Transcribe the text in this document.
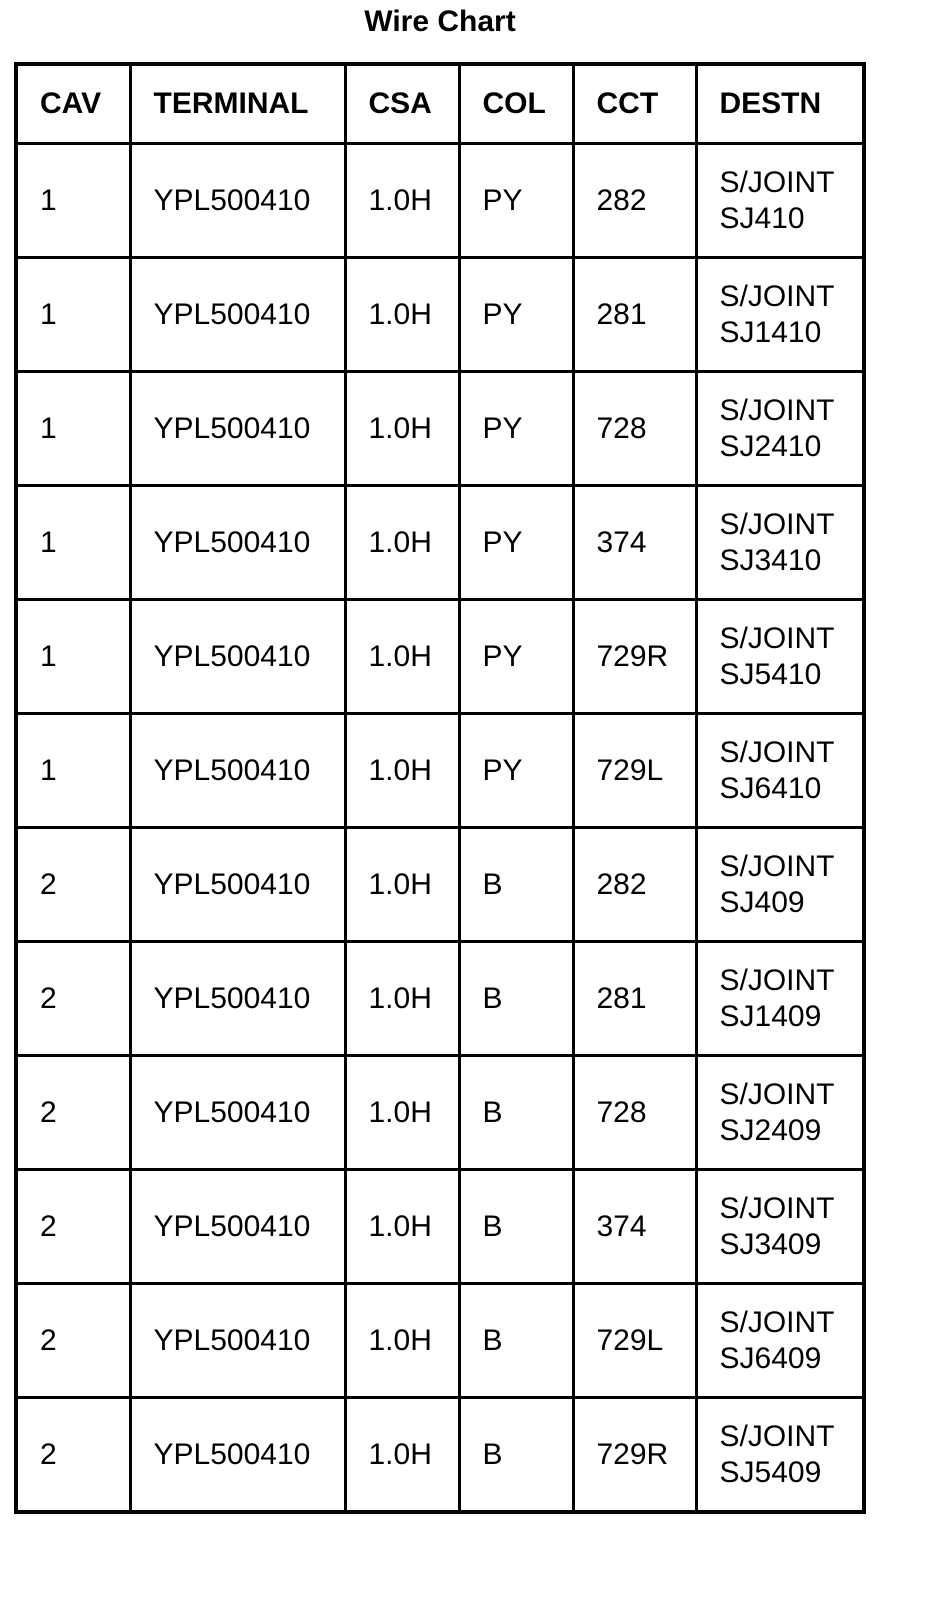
Wire Chart
CAV	TERMINAL	CSA	COL	CCT	DESTN
1	YPL500410	1.0H	PY	282	S/JOINT
SJ410

1	YPL500410	1.0H	PY	281	S/JOINT
SJ1410

1	YPL500410	1.0H	PY	728	S/JOINT
SJ2410

1	YPL500410	1.0H	PY	374	S/JOINT
SJ3410

1	YPL500410	1.0H	PY	729R	S/JOINT
SJ5410

1	YPL500410	1.0H	PY	729L	S/JOINT
SJ6410

2	YPL500410	1.0H	B	282	S/JOINT
SJ409

2	YPL500410	1.0H	B	281	S/JOINT
SJ1409

2	YPL500410	1.0H	B	728	S/JOINT
SJ2409

2	YPL500410	1.0H	B	374	S/JOINT
SJ3409

2	YPL500410	1.0H	B	729L	S/JOINT
SJ6409

2	YPL500410	1.0H	B	729R	S/JOINT
SJ5409
